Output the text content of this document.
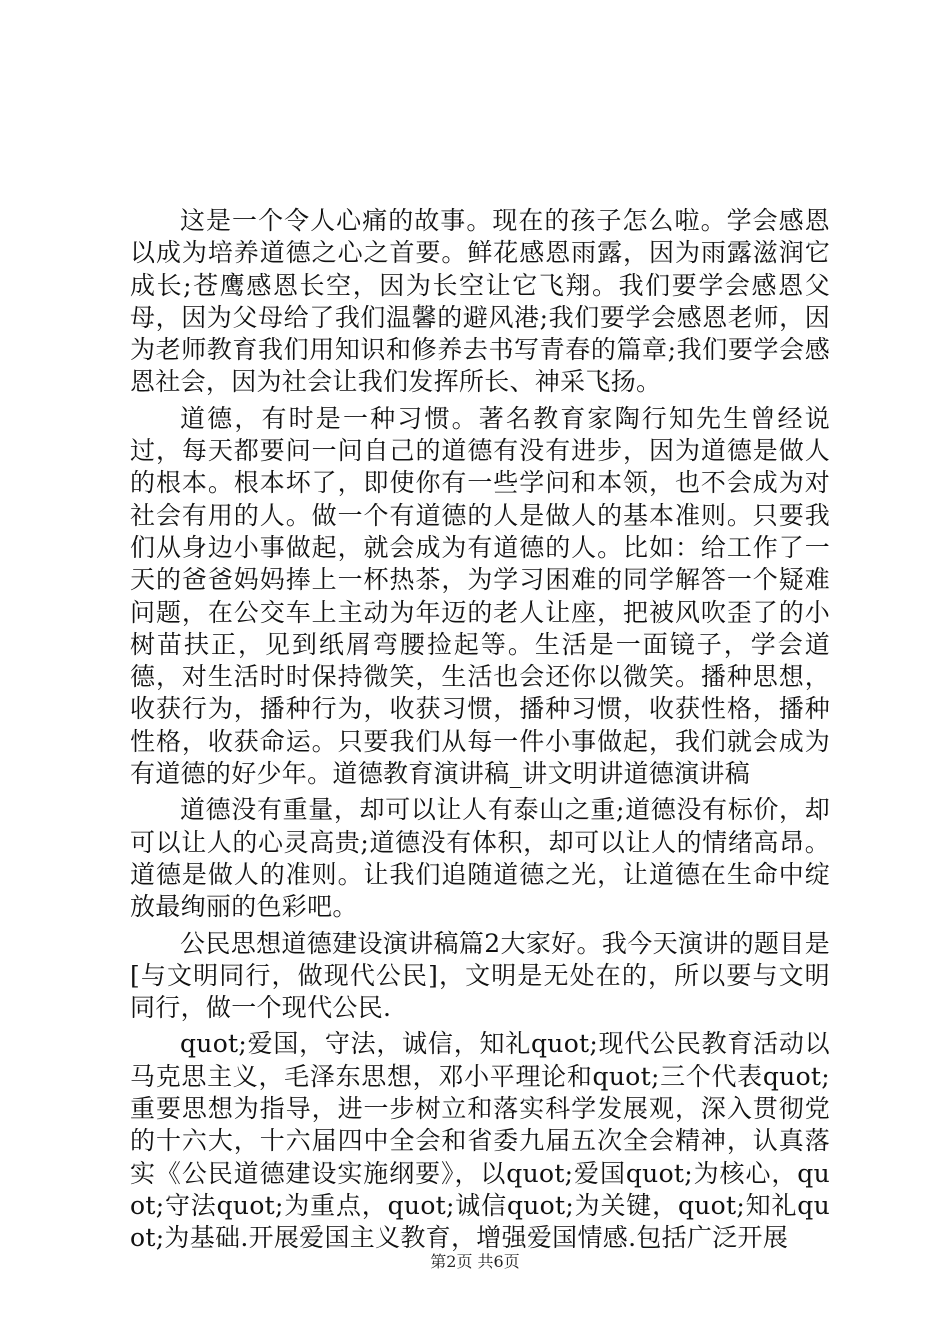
这是一个令人心痛的故事。现在的孩子怎么啦。学会感恩以成为培养道德之心之首要。鲜花感恩雨露，因为雨露滋润它成长;苍鹰感恩长空，因为长空让它飞翔。我们要学会感恩父母，因为父母给了我们温馨的避风港;我们要学会感恩老师，因为老师教育我们用知识和修养去书写青春的篇章;我们要学会感恩社会，因为社会让我们发挥所长、神采飞扬。

道德，有时是一种习惯。著名教育家陶行知先生曾经说过，每天都要问一问自己的道德有没有进步，因为道德是做人的根本。根本坏了，即使你有一些学问和本领，也不会成为对社会有用的人。做一个有道德的人是做人的基本准则。只要我们从身边小事做起，就会成为有道德的人。比如：给工作了一天的爸爸妈妈捧上一杯热茶，为学习困难的同学解答一个疑难问题，在公交车上主动为年迈的老人让座，把被风吹歪了的小树苗扶正，见到纸屑弯腰捡起等。生活是一面镜子，学会道德，对生活时时保持微笑，生活也会还你以微笑。播种思想，收获行为，播种行为，收获习惯，播种习惯，收获性格，播种性格，收获命运。只要我们从每一件小事做起，我们就会成为有道德的好少年。道德教育演讲稿_讲文明讲道德演讲稿

道德没有重量，却可以让人有泰山之重;道德没有标价，却可以让人的心灵高贵;道德没有体积，却可以让人的情绪高昂。道德是做人的准则。让我们追随道德之光，让道德在生命中绽放最绚丽的色彩吧。

公民思想道德建设演讲稿篇2大家好。我今天演讲的题目是[与文明同行，做现代公民]，文明是无处在的，所以要与文明同行，做一个现代公民.

quot;爱国，守法，诚信，知礼quot;现代公民教育活动以马克思主义，毛泽东思想，邓小平理论和quot;三个代表quot;重要思想为指导，进一步树立和落实科学发展观，深入贯彻党的十六大，十六届四中全会和省委九届五次全会精神，认真落实《公民道德建设实施纲要》，以quot;爱国quot;为核心，quot;守法quot;为重点，quot;诚信quot;为关键，quot;知礼quot;为基础.开展爱国主义教育，增强爱国情感.包括广泛开展

第2页 共6页
